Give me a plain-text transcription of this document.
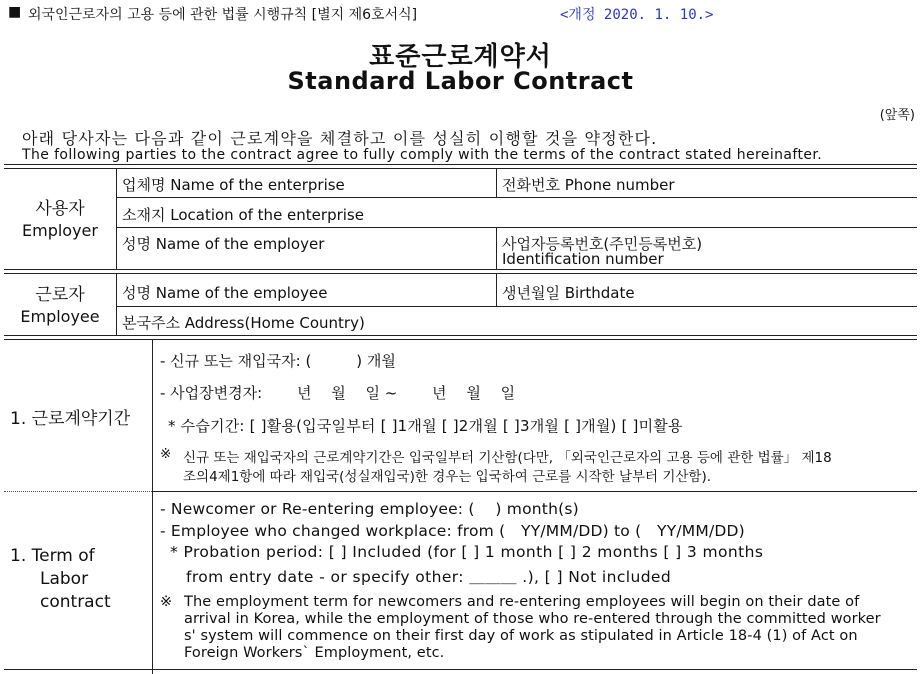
■ 외국인근로자의 고용 등에 관한 법률 시행규칙 [별지 제6호서식]	<개정 2020. 1. 10.>
표준근로계약서
Standard Labor Contract
(앞쪽)
아래 당사자는 다음과 같이 근로계약을 체결하고 이를 성실히 이행할 것을 약정한다.
The following parties to the contract agree to fully comply with the terms of the contract stated hereinafter.
사용자
Employer
업체명 Name of the enterprise	전화번호 Phone number
소재지 Location of the enterprise
성명 Name of the employer	사업자등록번호(주민등록번호)
Identification number
근로자
Employee
성명 Name of the employee	생년월일 Birthdate
본국주소 Address(Home Country)
1. 근로계약기간
- 신규 또는 재입국자: (　　　) 개월
- 사업장변경자:　　 년　 월　 일 ~　　 년　 월　 일
* 수습기간: [ ]활용(입국일부터 [ ]1개월 [ ]2개월 [ ]3개월 [ ]개월) [ ]미활용
※ 신규 또는 재입국자의 근로계약기간은 입국일부터 기산함(다만, 「외국인근로자의 고용 등에 관한 법률」 제18
조의4제1항에 따라 재입국(성실재입국)한 경우는 입국하여 근로를 시작한 날부터 기산함).
1. Term of
Labor
contract
- Newcomer or Re-entering employee: (　 ) month(s)
- Employee who changed workplace: from (　YY/MM/DD) to (　YY/MM/DD)
* Probation period: [ ] Included (for [ ] 1 month [ ] 2 months [ ] 3 months
from entry date - or specify other: ＿＿＿ .), [ ] Not included
※ The employment term for newcomers and re-entering employees will begin on their date of
arrival in Korea, while the employment of those who re-entered through the committed worker
s' system will commence on their first day of work as stipulated in Article 18-4 (1) of Act on
Foreign Workers` Employment, etc.
